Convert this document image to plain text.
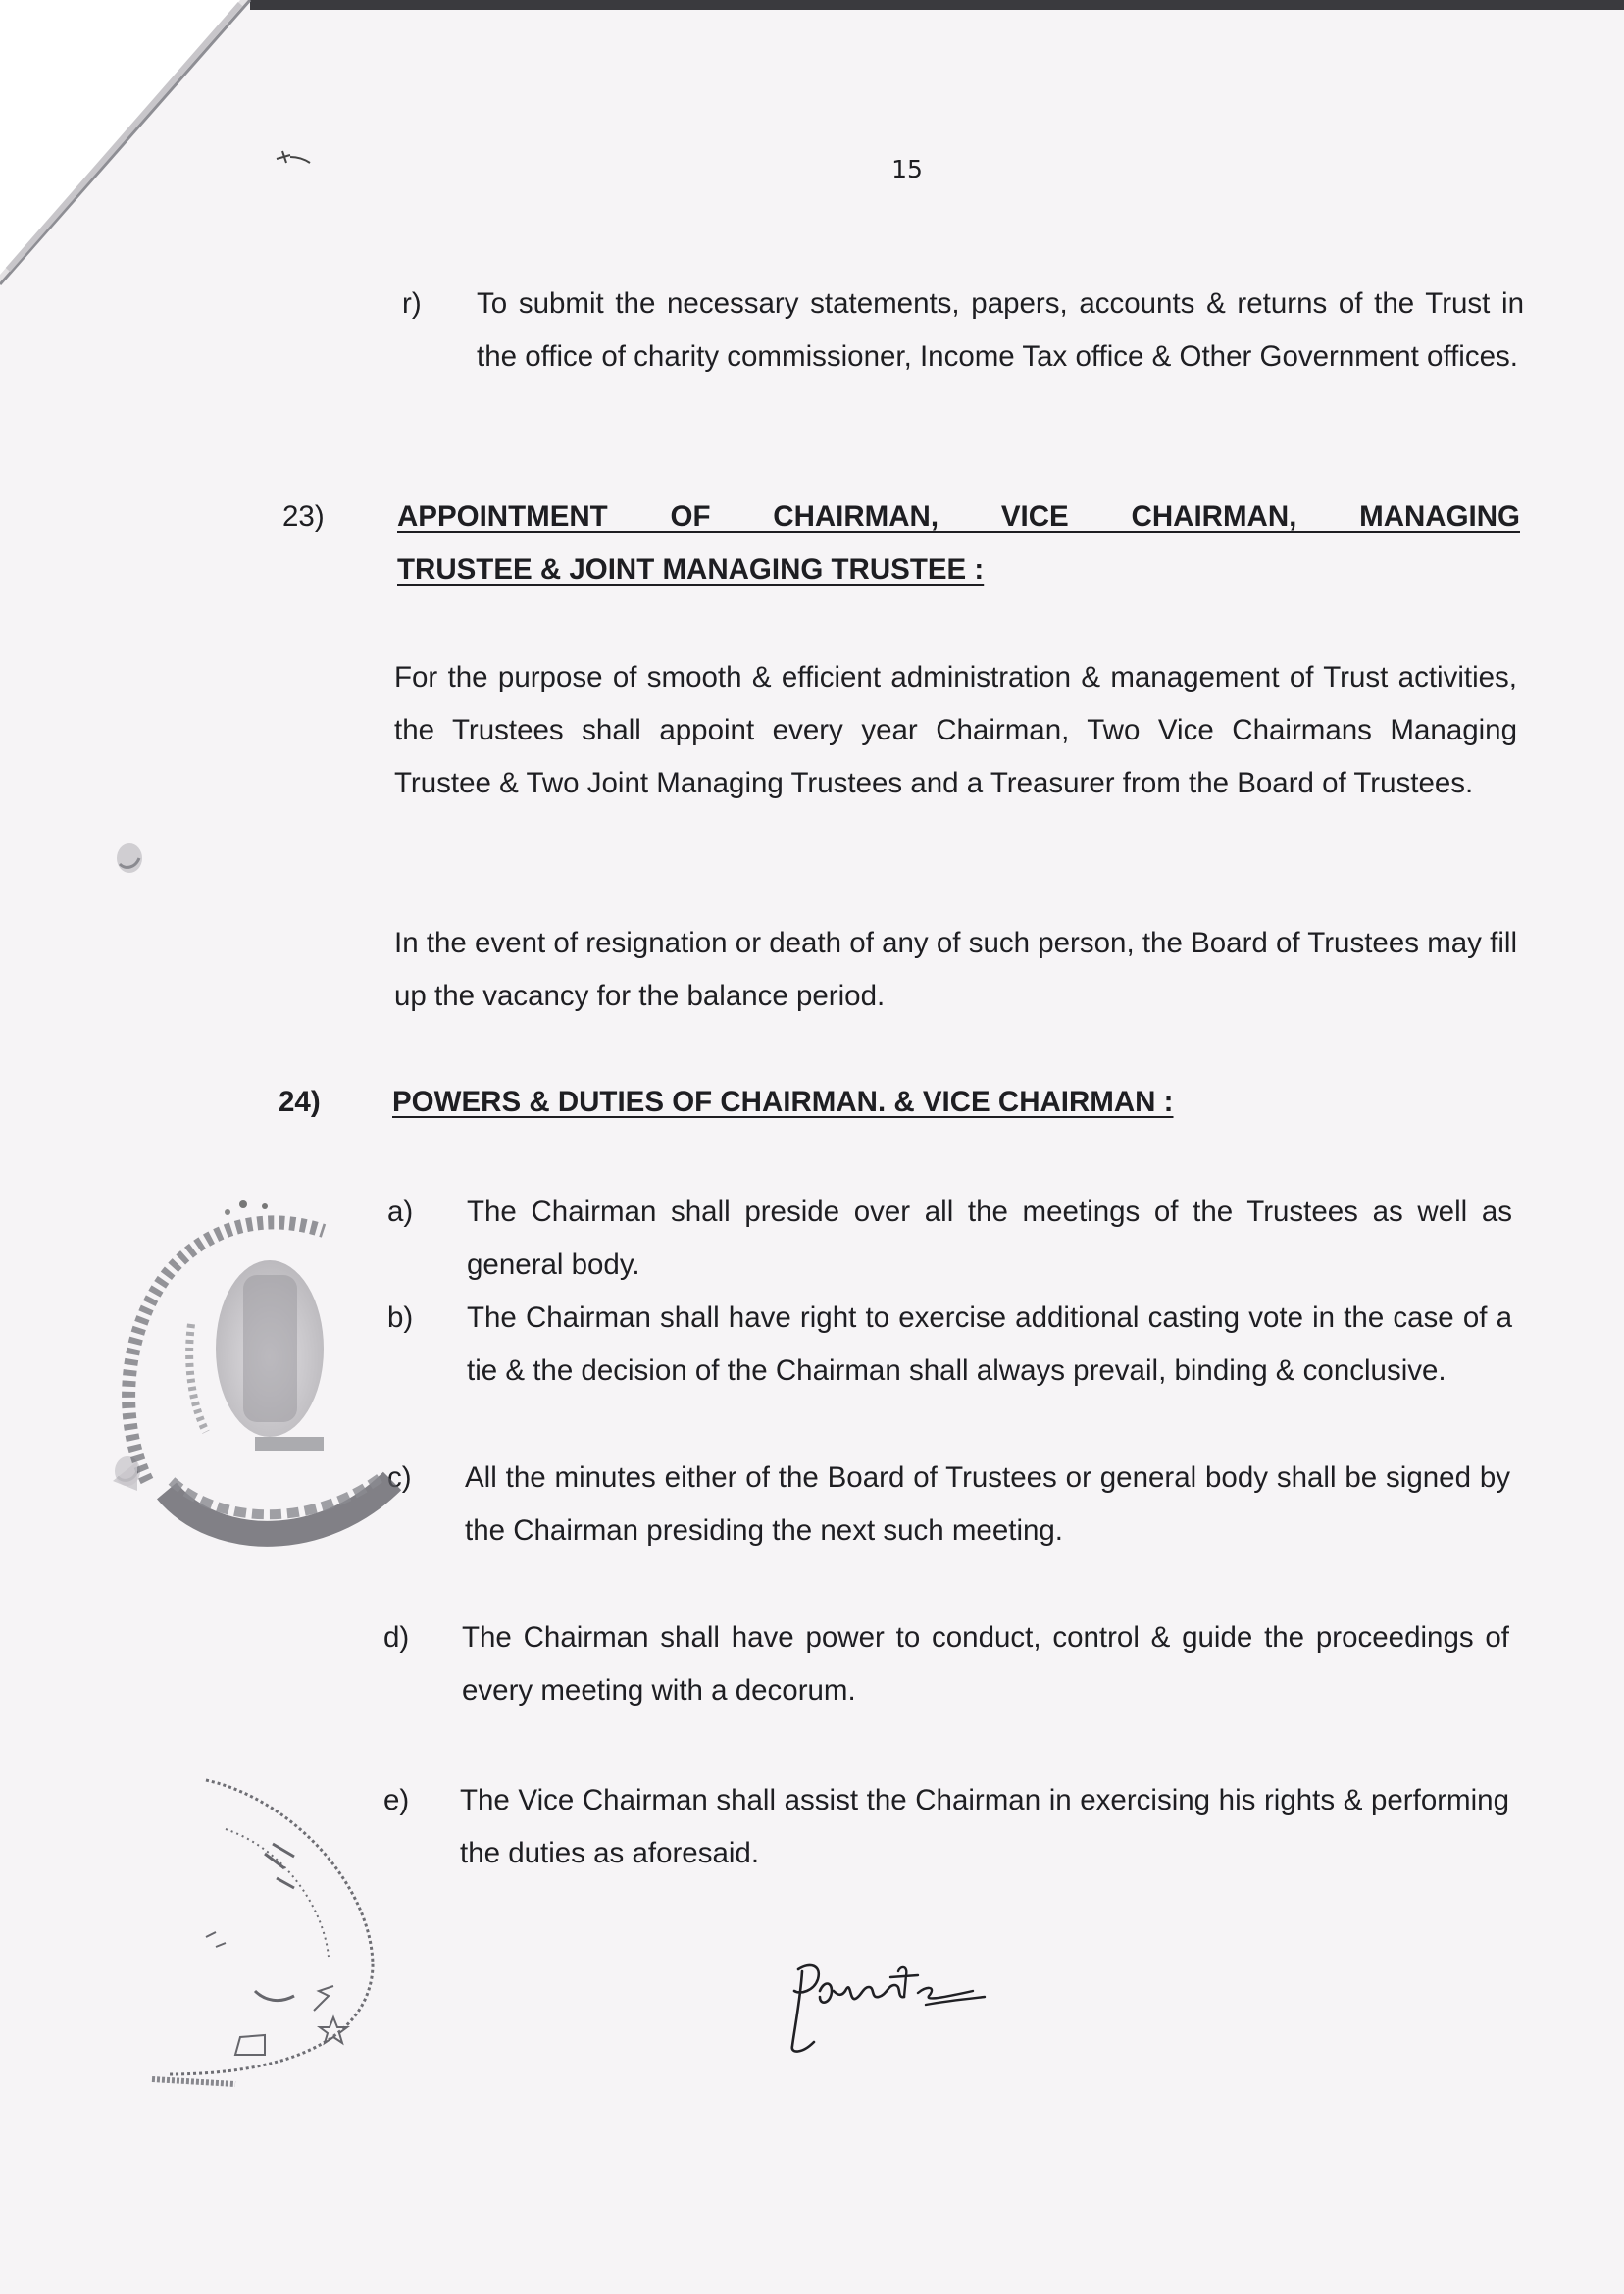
15
r) To submit the necessary statements, papers, accounts & returns of the Trust in the office of charity commissioner, Income Tax office & Other Government offices.
23)	APPOINTMENT OF CHAIRMAN, VICE CHAIRMAN, MANAGING
TRUSTEE & JOINT MANAGING TRUSTEE :
For the purpose of smooth & efficient administration & management of Trust activities, the Trustees shall appoint every year Chairman, Two Vice Chairmans Managing Trustee & Two Joint Managing Trustees and a Treasurer from the Board of Trustees.
In the event of resignation or death of any of such person, the Board of Trustees may fill up the vacancy for the balance period.
24) POWERS & DUTIES OF CHAIRMAN. & VICE CHAIRMAN :
a) The Chairman shall preside over all the meetings of the Trustees as well as general body.
b) The Chairman shall have right to exercise additional casting vote in the case of a tie & the decision of the Chairman shall always prevail, binding & conclusive.
c) All the minutes either of the Board of Trustees or general body shall be signed by the Chairman presiding the next such meeting.
d) The Chairman shall have power to conduct, control & guide the proceedings of every meeting with a decorum.
e) The Vice Chairman shall assist the Chairman in exercising his rights & performing the duties as aforesaid.
